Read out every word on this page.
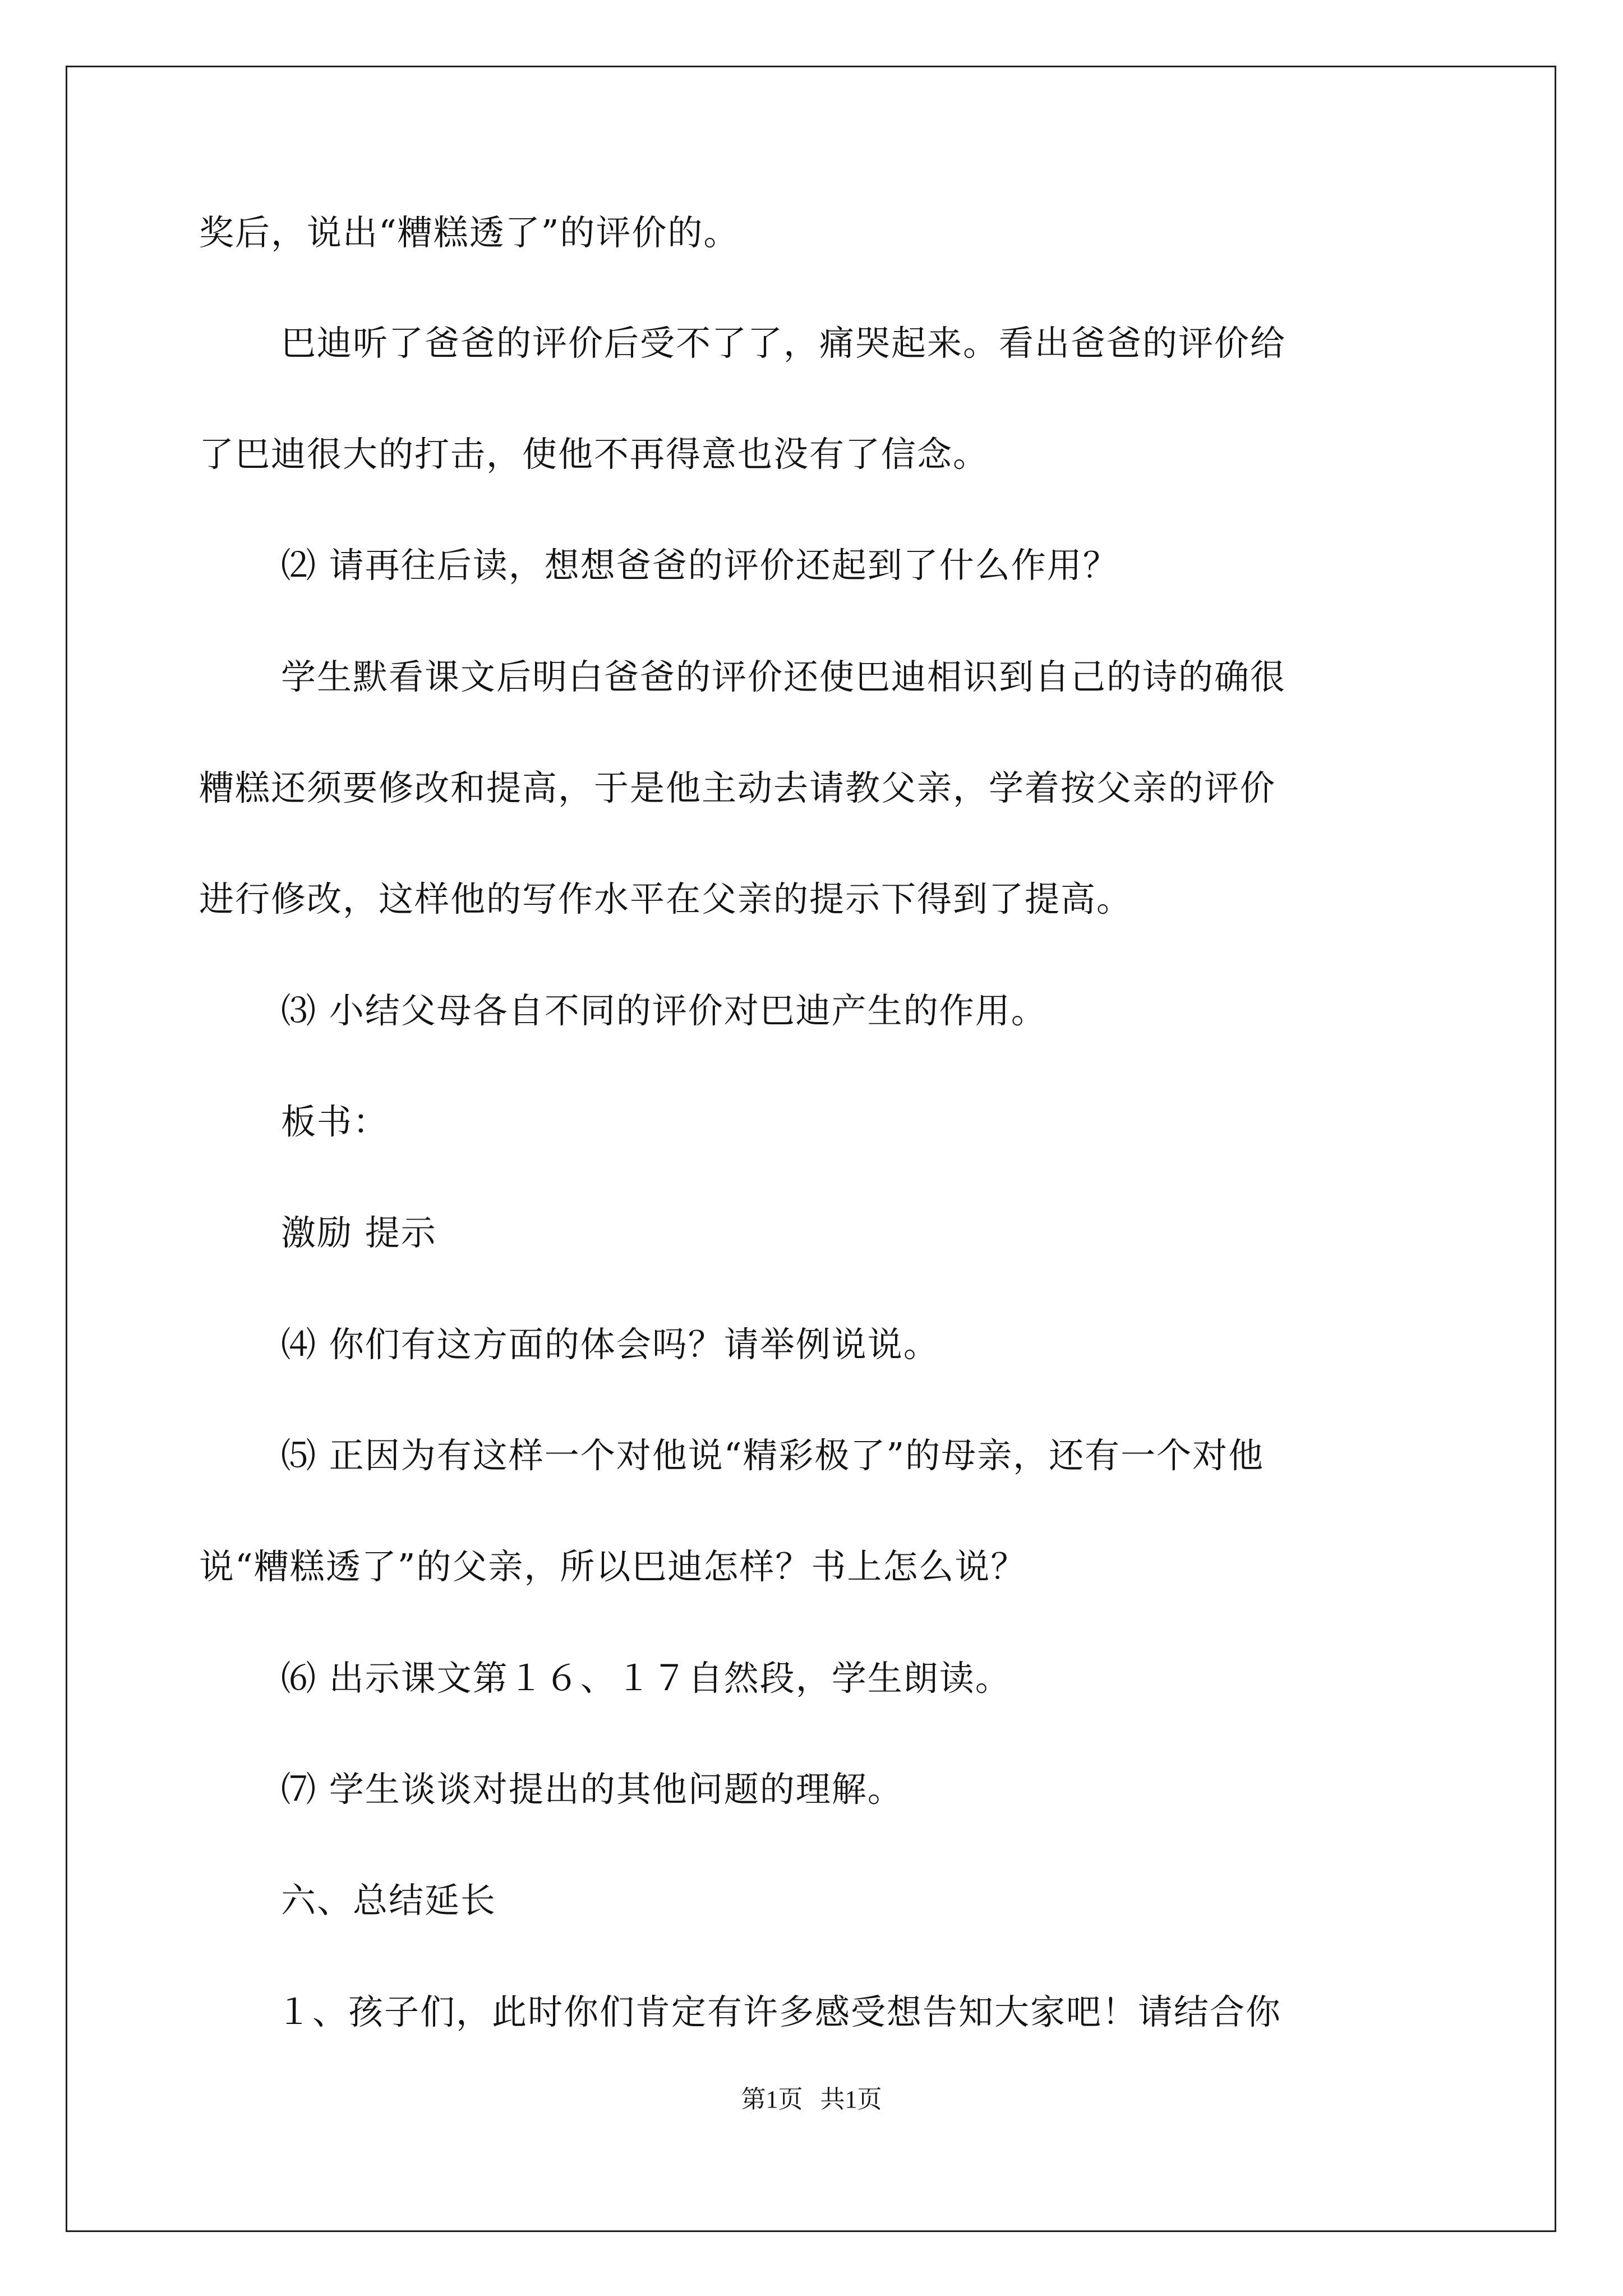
奖后，说出“糟糕透了”的评价的。
巴迪听了爸爸的评价后受不了了，痛哭起来。看出爸爸的评价给
了巴迪很大的打击，使他不再得意也没有了信念。
⑵ 请再往后读，想想爸爸的评价还起到了什么作用？
学生默看课文后明白爸爸的评价还使巴迪相识到自己的诗的确很
糟糕还须要修改和提高，于是他主动去请教父亲，学着按父亲的评价
进行修改，这样他的写作水平在父亲的提示下得到了提高。
⑶ 小结父母各自不同的评价对巴迪产生的作用。
板书：
激励 提示
⑷ 你们有这方面的体会吗？请举例说说。
⑸ 正因为有这样一个对他说“精彩极了”的母亲，还有一个对他
说“糟糕透了”的父亲，所以巴迪怎样？书上怎么说？
⑹ 出示课文第１６、１７自然段，学生朗读。
⑺ 学生谈谈对提出的其他问题的理解。
六、总结延长
１、孩子们，此时你们肯定有许多感受想告知大家吧！请结合你
第1页 共1页
